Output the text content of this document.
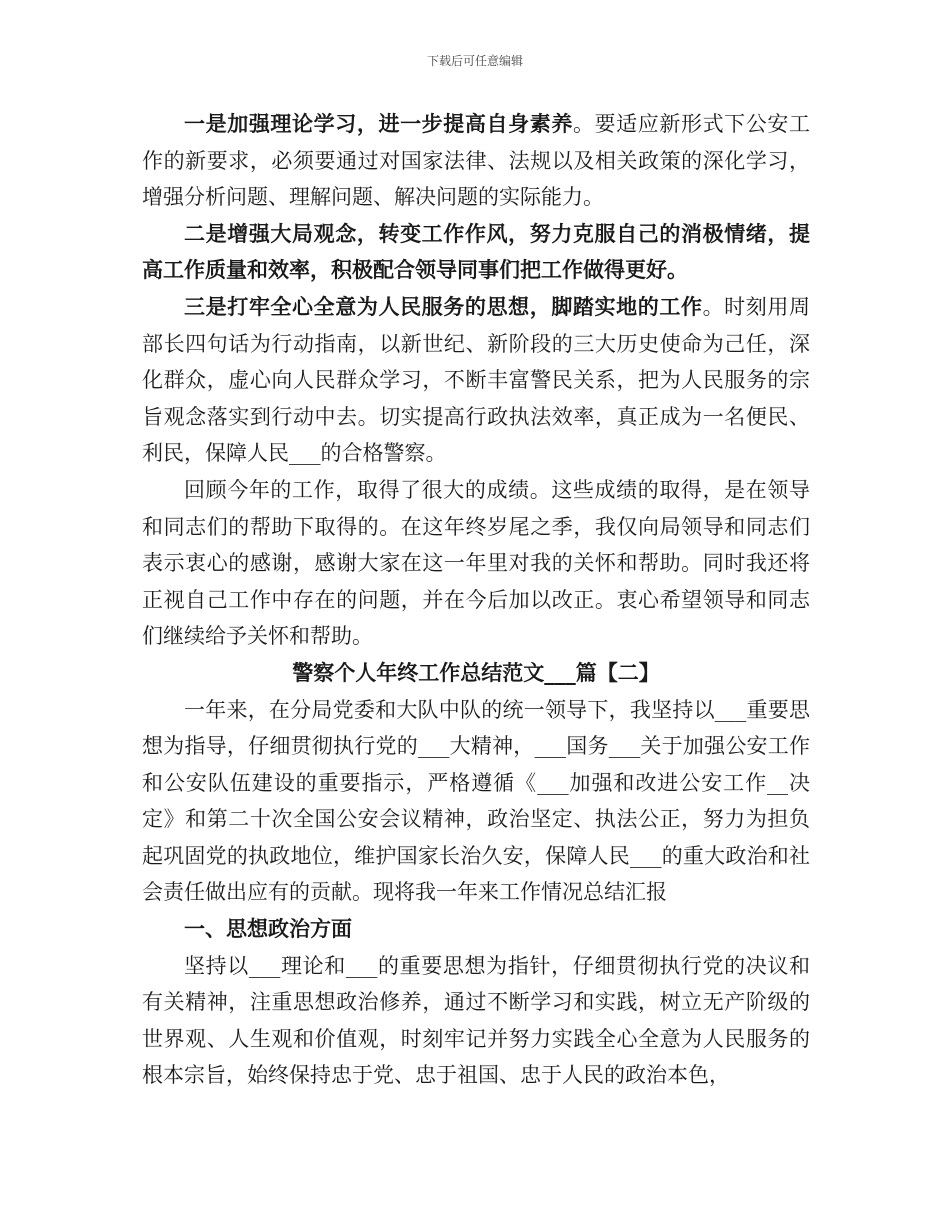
下载后可任意编辑

一是加强理论学习，进一步提高自身素养。要适应新形式下公安工作的新要求，必须要通过对国家法律、法规以及相关政策的深化学习，增强分析问题、理解问题、解决问题的实际能力。

二是增强大局观念，转变工作作风，努力克服自己的消极情绪，提高工作质量和效率，积极配合领导同事们把工作做得更好。

三是打牢全心全意为人民服务的思想，脚踏实地的工作。时刻用周部长四句话为行动指南，以新世纪、新阶段的三大历史使命为己任，深化群众，虚心向人民群众学习，不断丰富警民关系，把为人民服务的宗旨观念落实到行动中去。切实提高行政执法效率，真正成为一名便民、利民，保障人民___的合格警察。

回顾今年的工作，取得了很大的成绩。这些成绩的取得，是在领导和同志们的帮助下取得的。在这年终岁尾之季，我仅向局领导和同志们表示衷心的感谢，感谢大家在这一年里对我的关怀和帮助。同时我还将正视自己工作中存在的问题，并在今后加以改正。衷心希望领导和同志们继续给予关怀和帮助。

警察个人年终工作总结范文___篇【二】

一年来，在分局党委和大队中队的统一领导下，我坚持以___重要思想为指导，仔细贯彻执行党的___大精神，___国务___关于加强公安工作和公安队伍建设的重要指示，严格遵循《___加强和改进公安工作__决定》和第二十次全国公安会议精神，政治坚定、执法公正，努力为担负起巩固党的执政地位，维护国家长治久安，保障人民___的重大政治和社会责任做出应有的贡献。现将我一年来工作情况总结汇报

一、思想政治方面

坚持以___理论和___的重要思想为指针，仔细贯彻执行党的决议和有关精神，注重思想政治修养，通过不断学习和实践，树立无产阶级的世界观、人生观和价值观，时刻牢记并努力实践全心全意为人民服务的根本宗旨，始终保持忠于党、忠于祖国、忠于人民的政治本色，
